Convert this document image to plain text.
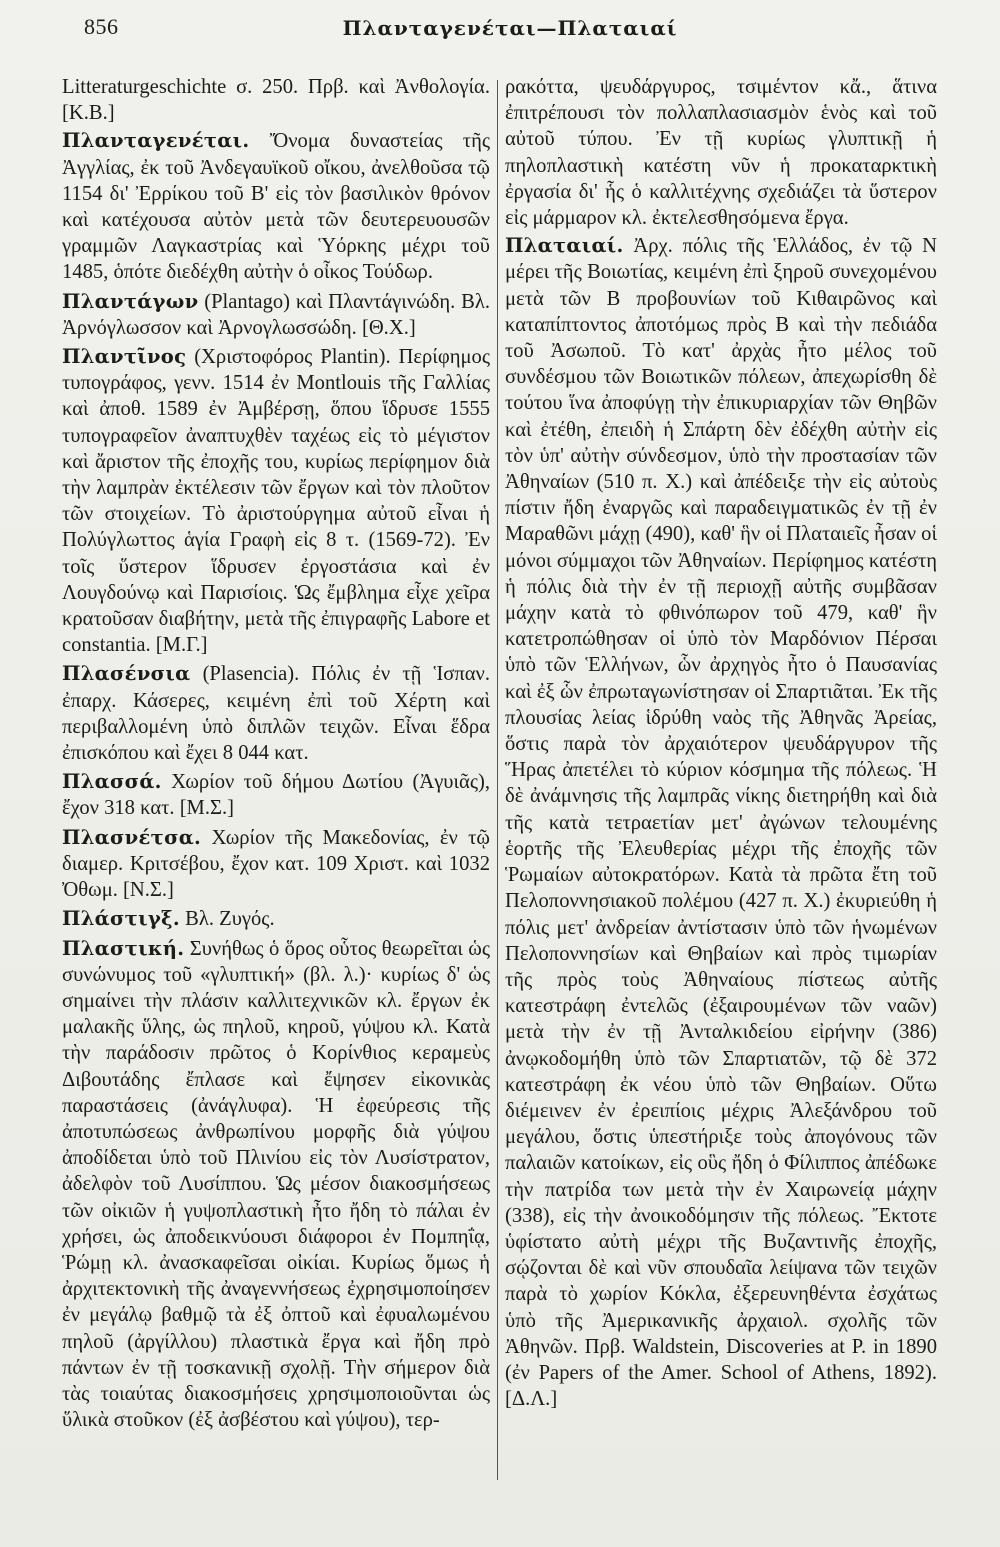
856	Πλανταγενέται—Πλαταιαί

Litteraturgeschichte σ. 250. Πρβ. καὶ Ἀνθολογία. [Κ.Β.]

Πλανταγενέται. Ὄνομα δυναστείας τῆς Ἀγγλίας, ἐκ τοῦ Ἀνδεγαυϊκοῦ οἴκου, ἀνελθοῦσα τῷ 1154 δι' Ἐρρίκου τοῦ Β' εἰς τὸν βασιλικὸν θρόνον καὶ κατέχουσα αὐτὸν μετὰ τῶν δευτερευουσῶν γραμμῶν Λαγκαστρίας καὶ Ὑόρκης μέχρι τοῦ 1485, ὁπότε διεδέχθη αὐτὴν ὁ οἶκος Τούδωρ.

Πλαντάγων (Plantago) καὶ Πλαντάγινώδη. Βλ. Ἀρνόγλωσσον καὶ Ἀρνογλωσσώδη. [Θ.Χ.]

Πλαντῖνος (Χριστοφόρος Plantin). Περίφημος τυπογράφος, γενν. 1514 ἐν Montlouis τῆς Γαλλίας καὶ ἀποθ. 1589 ἐν Ἀμβέρσῃ, ὅπου ἵδρυσε 1555 τυπογραφεῖον ἀναπτυχθὲν ταχέως εἰς τὸ μέγιστον καὶ ἄριστον τῆς ἐποχῆς του, κυρίως περίφημον διὰ τὴν λαμπρὰν ἐκτέλεσιν τῶν ἔργων καὶ τὸν πλοῦτον τῶν στοιχείων. Τὸ ἀριστούργημα αὐτοῦ εἶναι ἡ Πολύγλωττος ἁγία Γραφὴ εἰς 8 τ. (1569-72). Ἐν τοῖς ὕστερον ἵδρυσεν ἐργοστάσια καὶ ἐν Λουγδούνῳ καὶ Παρισίοις. Ὡς ἔμβλημα εἶχε χεῖρα κρατοῦσαν διαβήτην, μετὰ τῆς ἐπιγραφῆς Labore et constantia. [Μ.Γ.]

Πλασένσια (Plasencia). Πόλις ἐν τῇ Ἱσπαν. ἐπαρχ. Κάσερες, κειμένη ἐπὶ τοῦ Χέρτη καὶ περιβαλλομένη ὑπὸ διπλῶν τειχῶν. Εἶναι ἕδρα ἐπισκόπου καὶ ἔχει 8 044 κατ.

Πλασσά. Χωρίον τοῦ δήμου Δωτίου (Ἀγυιᾶς), ἔχον 318 κατ. [Μ.Σ.]

Πλασνέτσα. Χωρίον τῆς Μακεδονίας, ἐν τῷ διαμερ. Κριτσέβου, ἔχον κατ. 109 Χριστ. καὶ 1032 Ὀθωμ. [Ν.Σ.]

Πλάστιγξ. Βλ. Ζυγός.

Πλαστική. Συνήθως ὁ ὅρος οὗτος θεωρεῖται ὡς συνώνυμος τοῦ «γλυπτική» (βλ. λ.)· κυρίως δ' ὡς σημαίνει τὴν πλάσιν καλλιτεχνικῶν κλ. ἔργων ἐκ μαλακῆς ὕλης, ὡς πηλοῦ, κηροῦ, γύψου κλ. Κατὰ τὴν παράδοσιν πρῶτος ὁ Κορίνθιος κεραμεὺς Διβουτάδης ἔπλασε καὶ ἔψησεν εἰκονικὰς παραστάσεις (ἀνάγλυφα). Ἡ ἐφεύρεσις τῆς ἀποτυπώσεως ἀνθρωπίνου μορφῆς διὰ γύψου ἀποδίδεται ὑπὸ τοῦ Πλινίου εἰς τὸν Λυσίστρατον, ἀδελφὸν τοῦ Λυσίππου. Ὡς μέσον διακοσμήσεως τῶν οἰκιῶν ἡ γυψοπλαστικὴ ἦτο ἤδη τὸ πάλαι ἐν χρήσει, ὡς ἀποδεικνύουσι διάφοροι ἐν Πομπηΐᾳ, Ῥώμῃ κλ. ἀνασκαφεῖσαι οἰκίαι. Κυρίως ὅμως ἡ ἀρχιτεκτονικὴ τῆς ἀναγεννήσεως ἐχρησιμοποίησεν ἐν μεγάλῳ βαθμῷ τὰ ἐξ ὀπτοῦ καὶ ἐφυαλωμένου πηλοῦ (ἀργίλλου) πλαστικὰ ἔργα καὶ ἤδη πρὸ πάντων ἐν τῇ τοσκανικῇ σχολῇ. Τὴν σήμερον διὰ τὰς τοιαύτας διακοσμήσεις χρησιμοποιοῦνται ὡς ὕλικὰ στοῦκον (ἐξ ἀσβέστου καὶ γύψου), τερ-

ρακόττα, ψευδάργυρος, τσιμέντον κἄ., ἅτινα ἐπιτρέπουσι τὸν πολλαπλασιασμὸν ἑνὸς καὶ τοῦ αὐτοῦ τύπου. Ἐν τῇ κυρίως γλυπτικῇ ἡ πηλοπλαστικὴ κατέστη νῦν ἡ προκαταρκτικὴ ἐργασία δι' ἧς ὁ καλλιτέχνης σχεδιάζει τὰ ὕστερον εἰς μάρμαρον κλ. ἐκτελεσθησόμενα ἔργα.

Πλαταιαί. Ἀρχ. πόλις τῆς Ἑλλάδος, ἐν τῷ Ν μέρει τῆς Βοιωτίας, κειμένη ἐπὶ ξηροῦ συνεχομένου μετὰ τῶν Β προβουνίων τοῦ Κιθαιρῶνος καὶ καταπίπτοντος ἀποτόμως πρὸς Β καὶ τὴν πεδιάδα τοῦ Ἀσωποῦ. Τὸ κατ' ἀρχὰς ἦτο μέλος τοῦ συνδέσμου τῶν Βοιωτικῶν πόλεων, ἀπεχωρίσθη δὲ τούτου ἵνα ἀποφύγῃ τὴν ἐπικυριαρχίαν τῶν Θηβῶν καὶ ἐτέθη, ἐπειδὴ ἡ Σπάρτη δὲν ἐδέχθη αὐτὴν εἰς τὸν ὑπ' αὐτὴν σύνδεσμον, ὑπὸ τὴν προστασίαν τῶν Ἀθηναίων (510 π. Χ.) καὶ ἀπέδειξε τὴν εἰς αὐτοὺς πίστιν ἤδη ἐναργῶς καὶ παραδειγματικῶς ἐν τῇ ἐν Μαραθῶνι μάχῃ (490), καθ' ἣν οἱ Πλαταιεῖς ἦσαν οἱ μόνοι σύμμαχοι τῶν Ἀθηναίων. Περίφημος κατέστη ἡ πόλις διὰ τὴν ἐν τῇ περιοχῇ αὐτῆς συμβᾶσαν μάχην κατὰ τὸ φθινόπωρον τοῦ 479, καθ' ἣν κατετροπώθησαν οἱ ὑπὸ τὸν Μαρδόνιον Πέρσαι ὑπὸ τῶν Ἑλλήνων, ὧν ἀρχηγὸς ἦτο ὁ Παυσανίας καὶ ἐξ ὧν ἐπρωταγωνίστησαν οἱ Σπαρτιᾶται. Ἐκ τῆς πλουσίας λείας ἱδρύθη ναὸς τῆς Ἀθηνᾶς Ἀρείας, ὅστις παρὰ τὸν ἀρχαιότερον ψευδάργυρον τῆς Ἥρας ἀπετέλει τὸ κύριον κόσμημα τῆς πόλεως. Ἡ δὲ ἀνάμνησις τῆς λαμπρᾶς νίκης διετηρήθη καὶ διὰ τῆς κατὰ τετραετίαν μετ' ἀγώνων τελουμένης ἑορτῆς τῆς Ἐλευθερίας μέχρι τῆς ἐποχῆς τῶν Ῥωμαίων αὐτοκρατόρων. Κατὰ τὰ πρῶτα ἔτη τοῦ Πελοποννησιακοῦ πολέμου (427 π. Χ.) ἐκυριεύθη ἡ πόλις μετ' ἀνδρείαν ἀντίστασιν ὑπὸ τῶν ἡνωμένων Πελοποννησίων καὶ Θηβαίων καὶ πρὸς τιμωρίαν τῆς πρὸς τοὺς Ἀθηναίους πίστεως αὐτῆς κατεστράφη ἐντελῶς (ἐξαιρουμένων τῶν ναῶν) μετὰ τὴν ἐν τῇ Ἀνταλκιδείου εἰρήνην (386) ἀνῳκοδομήθη ὑπὸ τῶν Σπαρτιατῶν, τῷ δὲ 372 κατεστράφη ἐκ νέου ὑπὸ τῶν Θηβαίων. Οὕτω διέμεινεν ἐν ἐρειπίοις μέχρις Ἀλεξάνδρου τοῦ μεγάλου, ὅστις ὑπεστήριξε τοὺς ἀπογόνους τῶν παλαιῶν κατοίκων, εἰς οὓς ἤδη ὁ Φίλιππος ἀπέδωκε τὴν πατρίδα των μετὰ τὴν ἐν Χαιρωνείᾳ μάχην (338), εἰς τὴν ἀνοικοδόμησιν τῆς πόλεως. Ἔκτοτε ὑφίστατο αὐτὴ μέχρι τῆς Βυζαντινῆς ἐποχῆς, σῴζονται δὲ καὶ νῦν σπουδαῖα λείψανα τῶν τειχῶν παρὰ τὸ χωρίον Κόκλα, ἐξερευνηθέντα ἐσχάτως ὑπὸ τῆς Ἀμερικανικῆς ἀρχαιολ. σχολῆς τῶν Ἀθηνῶν. Πρβ. Waldstein, Discoveries at P. in 1890 (ἐν Papers of the Amer. School of Athens, 1892). [Δ.Λ.]
